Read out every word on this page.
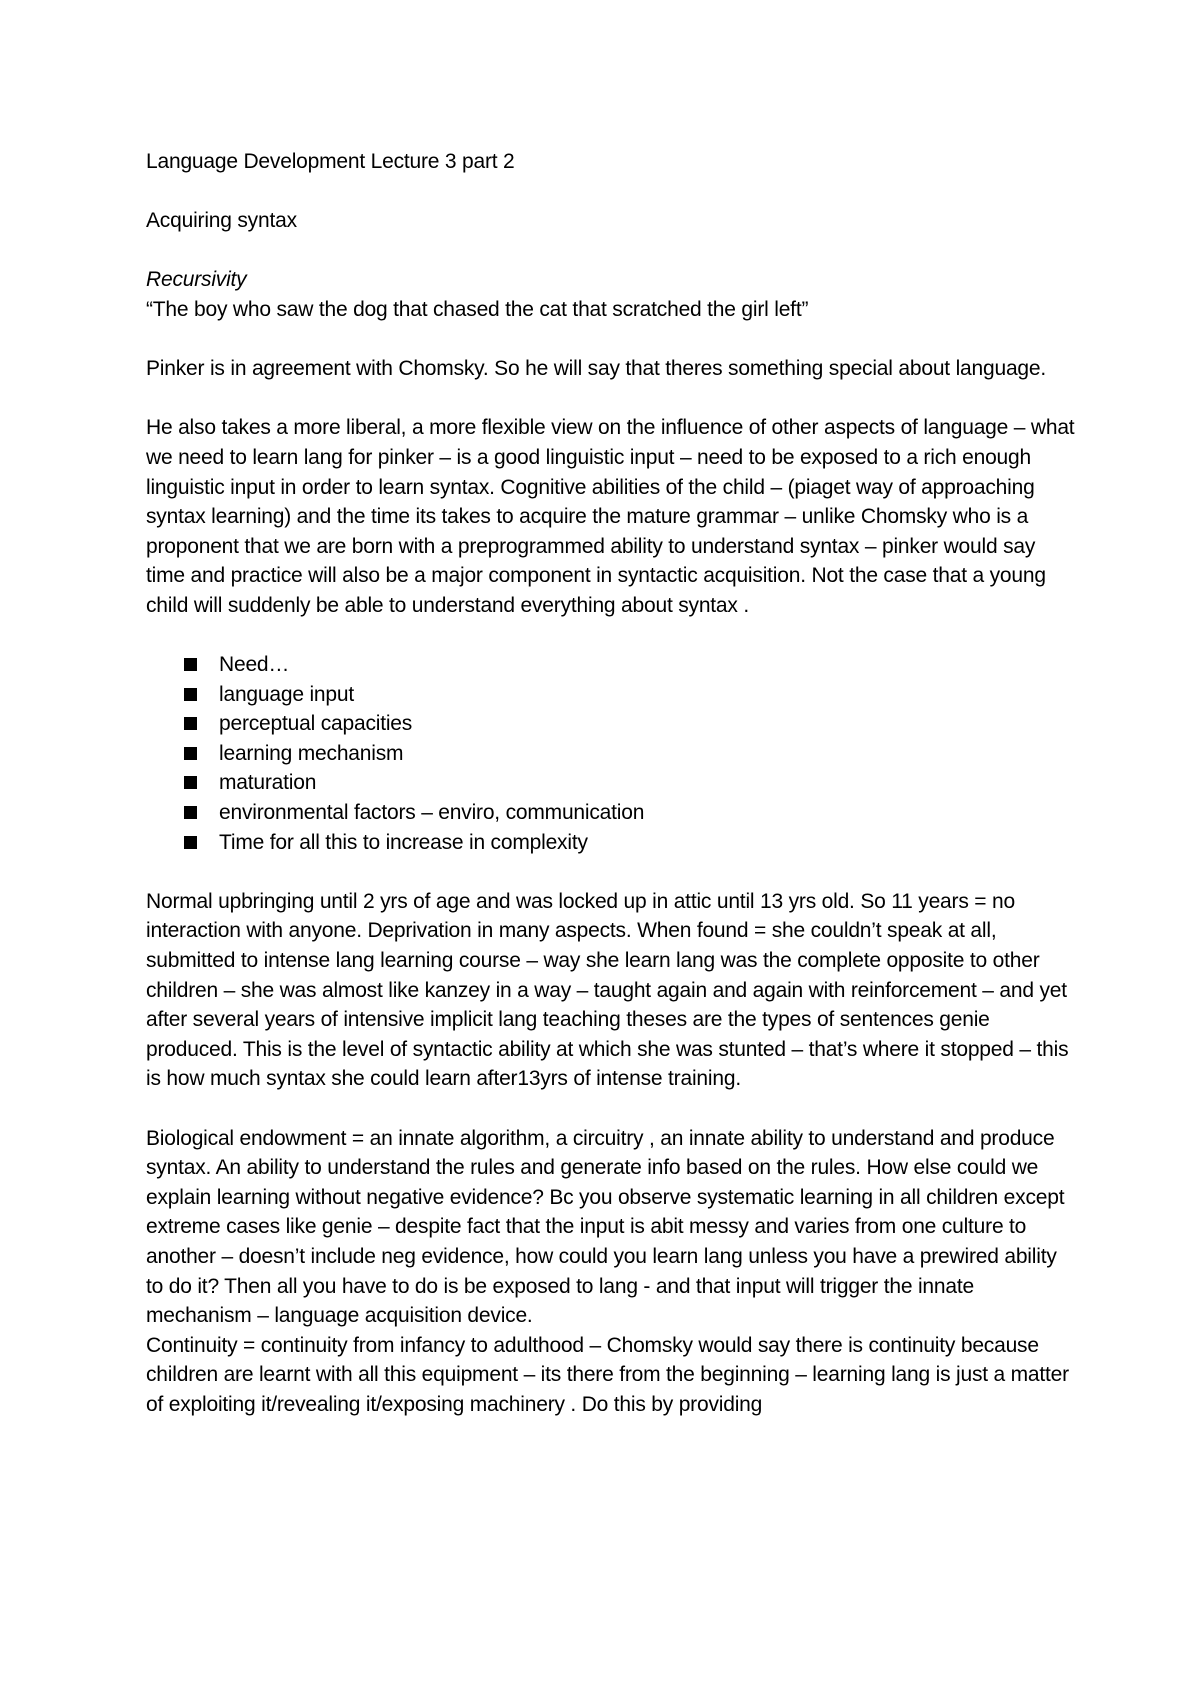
Language Development Lecture 3 part 2

Acquiring syntax

Recursivity

“The boy who saw the dog that chased the cat that scratched the girl left”

Pinker is in agreement with Chomsky. So he will say that theres something special about language.

He also takes a more liberal, a more flexible view on the influence of other aspects of language – what we need to learn lang for pinker – is a good linguistic input – need to be exposed to a rich enough linguistic input in order to learn syntax. Cognitive abilities of the child – (piaget way of approaching syntax learning) and the time its takes to acquire the mature grammar – unlike Chomsky who is a proponent that we are born with a preprogrammed ability to understand syntax – pinker would say time and practice will also be a major component in syntactic acquisition. Not the case that a young child will suddenly be able to understand everything about syntax .

Need…
language input
perceptual capacities
learning mechanism
maturation
environmental factors – enviro, communication
Time for all this to increase in complexity

Normal upbringing until 2 yrs of age and was locked up in attic until 13 yrs old. So 11 years = no interaction with anyone. Deprivation in many aspects. When found = she couldn’t speak at all, submitted to intense lang learning course – way she learn lang was the complete opposite to other children – she was almost like kanzey in a way – taught again and again with reinforcement – and yet after several years of intensive implicit lang teaching theses are the types of sentences genie produced. This is the level of syntactic ability at which she was stunted – that’s where it stopped – this is how much syntax she could learn after13yrs of intense training.

Biological endowment = an innate algorithm, a circuitry , an innate ability to understand and produce syntax. An ability to understand the rules and generate info based on the rules. How else could we explain learning without negative evidence? Bc you observe systematic learning in all children except extreme cases like genie – despite fact that the input is abit messy and varies from one culture to another – doesn’t include neg evidence, how could you learn lang unless you have a prewired ability to do it? Then all you have to do is be exposed to lang - and that input will trigger the innate mechanism – language acquisition device.

Continuity = continuity from infancy to adulthood – Chomsky would say there is continuity because children are learnt with all this equipment – its there from the beginning – learning lang is just a matter of exploiting it/revealing it/exposing machinery . Do this by providing
